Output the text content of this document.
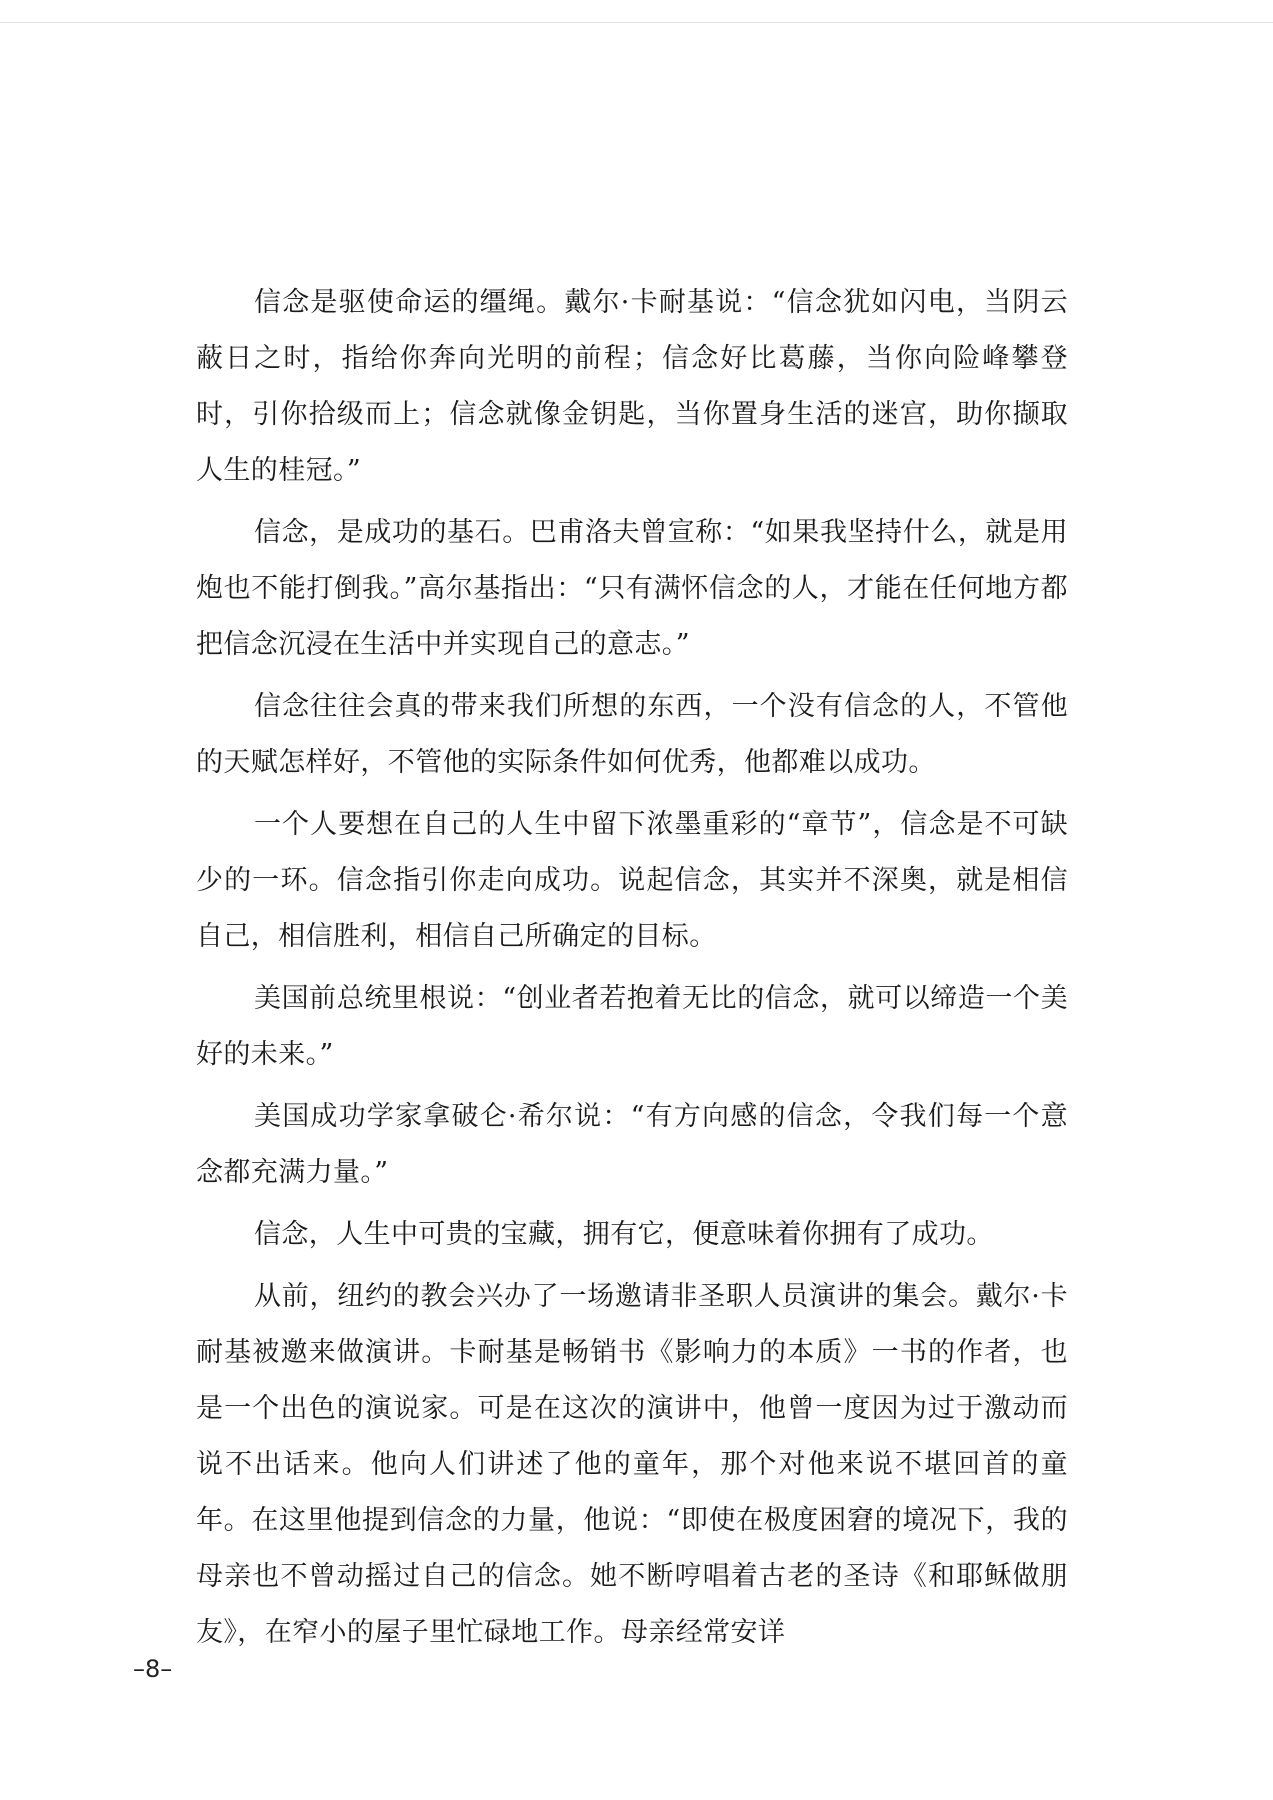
信念是驱使命运的缰绳。戴尔·卡耐基说：“信念犹如闪电，当阴云蔽日之时，指给你奔向光明的前程；信念好比葛藤，当你向险峰攀登时，引你拾级而上；信念就像金钥匙，当你置身生活的迷宫，助你撷取人生的桂冠。”

信念，是成功的基石。巴甫洛夫曾宣称：“如果我坚持什么，就是用炮也不能打倒我。”高尔基指出：“只有满怀信念的人，才能在任何地方都把信念沉浸在生活中并实现自己的意志。”

信念往往会真的带来我们所想的东西，一个没有信念的人，不管他的天赋怎样好，不管他的实际条件如何优秀，他都难以成功。

一个人要想在自己的人生中留下浓墨重彩的“章节”，信念是不可缺少的一环。信念指引你走向成功。说起信念，其实并不深奥，就是相信自己，相信胜利，相信自己所确定的目标。

美国前总统里根说：“创业者若抱着无比的信念，就可以缔造一个美好的未来。”

美国成功学家拿破仑·希尔说：“有方向感的信念，令我们每一个意念都充满力量。”

信念，人生中可贵的宝藏，拥有它，便意味着你拥有了成功。

从前，纽约的教会兴办了一场邀请非圣职人员演讲的集会。戴尔·卡耐基被邀来做演讲。卡耐基是畅销书《影响力的本质》一书的作者，也是一个出色的演说家。可是在这次的演讲中，他曾一度因为过于激动而说不出话来。他向人们讲述了他的童年，那个对他来说不堪回首的童年。在这里他提到信念的力量，他说：“即使在极度困窘的境况下，我的母亲也不曾动摇过自己的信念。她不断哼唱着古老的圣诗《和耶稣做朋友》，在窄小的屋子里忙碌地工作。母亲经常安详

–8–
